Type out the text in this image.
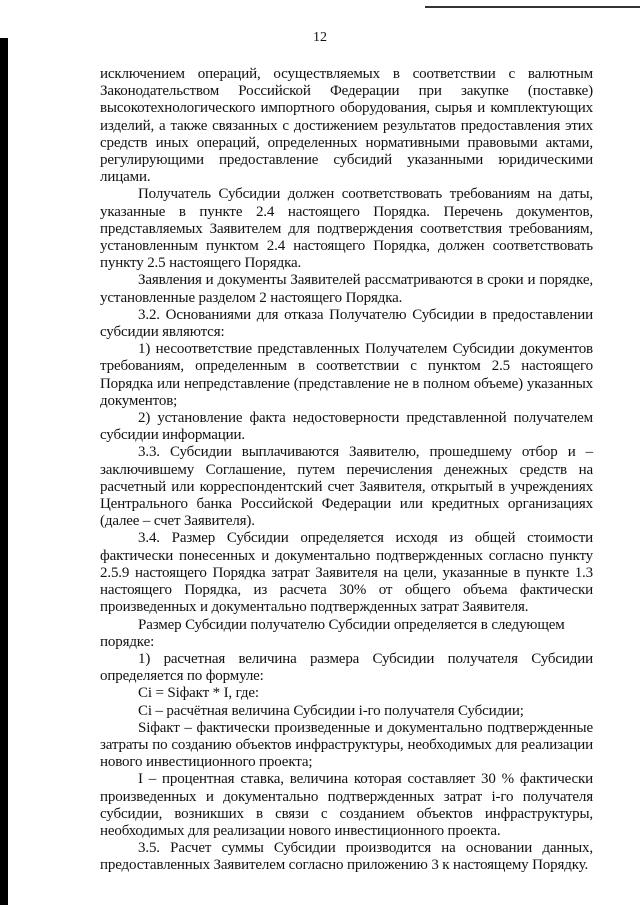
12

исключением операций, осуществляемых в соответствии с валютным Законодательством Российской Федерации при закупке (поставке) высокотехнологического импортного оборудования, сырья и комплектующих изделий, а также связанных с достижением результатов предоставления этих средств иных операций, определенных нормативными правовыми актами, регулирующими предоставление субсидий указанными юридическими лицами.

Получатель Субсидии должен соответствовать требованиям на даты, указанные в пункте 2.4 настоящего Порядка. Перечень документов, представляемых Заявителем для подтверждения соответствия требованиям, установленным пунктом 2.4 настоящего Порядка, должен соответствовать пункту 2.5 настоящего Порядка.

Заявления и документы Заявителей рассматриваются в сроки и порядке, установленные разделом 2 настоящего Порядка.

3.2. Основаниями для отказа Получателю Субсидии в предоставлении субсидии являются:

1) несоответствие представленных Получателем Субсидии документов требованиям, определенным в соответствии с пунктом 2.5 настоящего Порядка или непредставление (представление не в полном объеме) указанных документов;

2) установление факта недостоверности представленной получателем субсидии информации.

3.3. Субсидии выплачиваются Заявителю, прошедшему отбор и – заключившему Соглашение, путем перечисления денежных средств на расчетный или корреспондентский счет Заявителя, открытый в учреждениях Центрального банка Российской Федерации или кредитных организациях (далее – счет Заявителя).

3.4. Размер Субсидии определяется исходя из общей стоимости фактически понесенных и документально подтвержденных согласно пункту 2.5.9 настоящего Порядка затрат Заявителя на цели, указанные в пункте 1.3 настоящего Порядка, из расчета 30% от общего объема фактически произведенных и документально подтвержденных затрат Заявителя.

Размер Субсидии получателю Субсидии определяется в следующем порядке:

1) расчетная величина размера Субсидии получателя Субсидии определяется по формуле:

Ci = Siфакт * I, где:

Ci – расчётная величина Субсидии i-го получателя Субсидии;

Siфакт – фактически произведенные и документально подтвержденные затраты по созданию объектов инфраструктуры, необходимых для реализации нового инвестиционного проекта;

I – процентная ставка, величина которая составляет 30 % фактически произведенных и документально подтвержденных затрат i-го получателя субсидии, возникших в связи с созданием объектов инфраструктуры, необходимых для реализации нового инвестиционного проекта.

3.5. Расчет суммы Субсидии производится на основании данных, предоставленных Заявителем согласно приложению 3 к настоящему Порядку.
